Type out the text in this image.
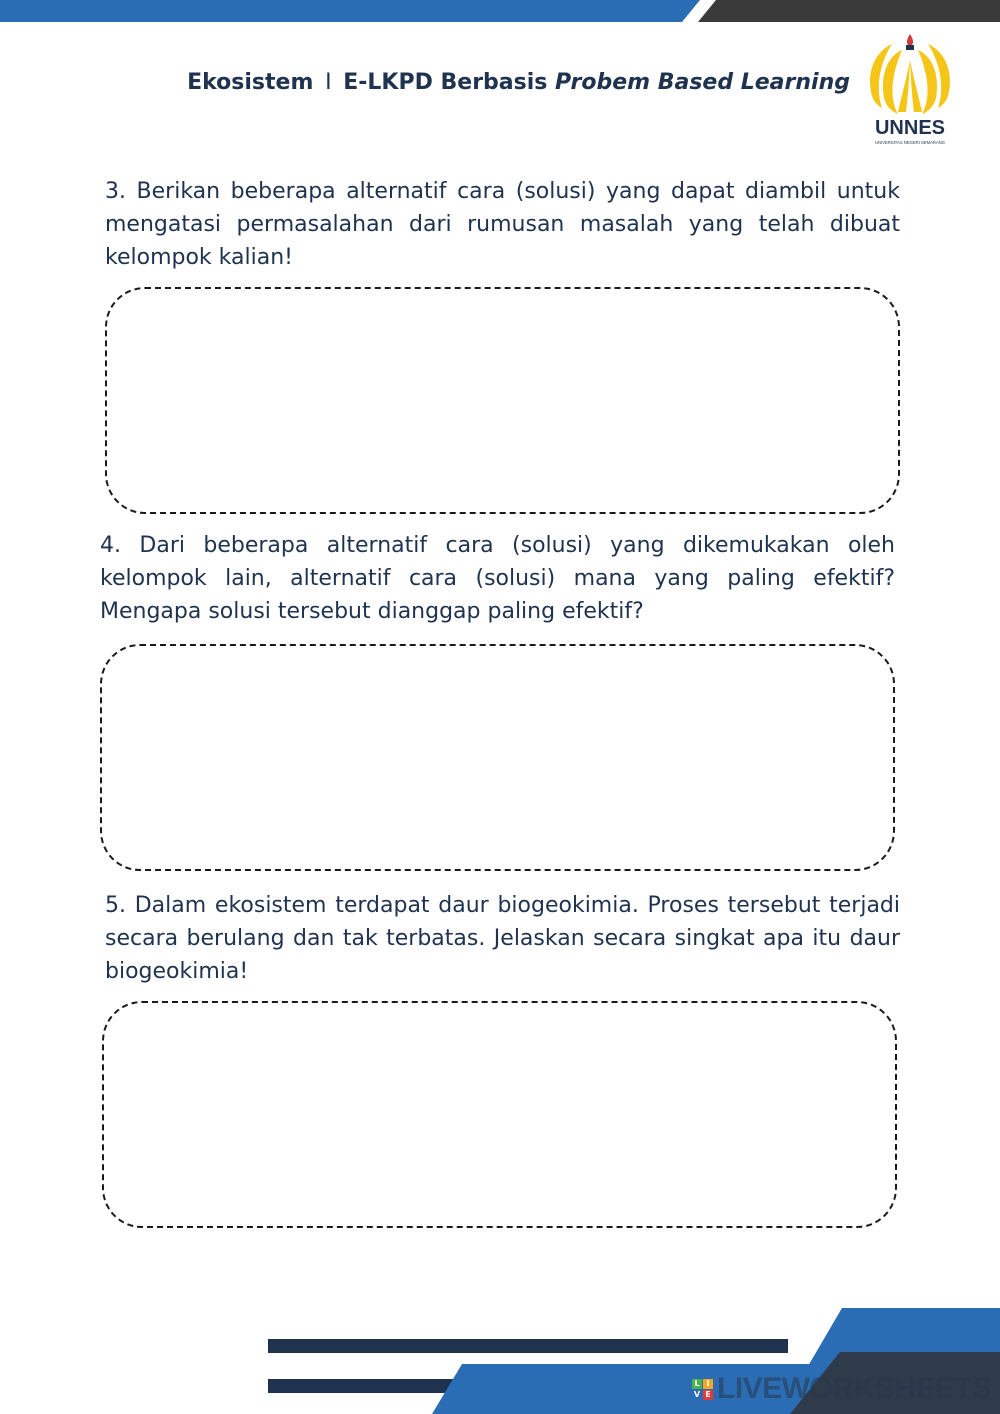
Ekosistem I E-LKPD Berbasis Probem Based Learning
UNNES
UNIVERSITAS NEGERI SEMARANG

3. Berikan beberapa alternatif cara (solusi) yang dapat diambil untuk mengatasi permasalahan dari rumusan masalah yang telah dibuat kelompok kalian!

4. Dari beberapa alternatif cara (solusi) yang dikemukakan oleh kelompok lain, alternatif cara (solusi) mana yang paling efektif? Mengapa solusi tersebut dianggap paling efektif?

5. Dalam ekosistem terdapat daur biogeokimia. Proses tersebut terjadi secara berulang dan tak terbatas. Jelaskan secara singkat apa itu daur biogeokimia!

L I
V E LIVEWORKSHEETS
